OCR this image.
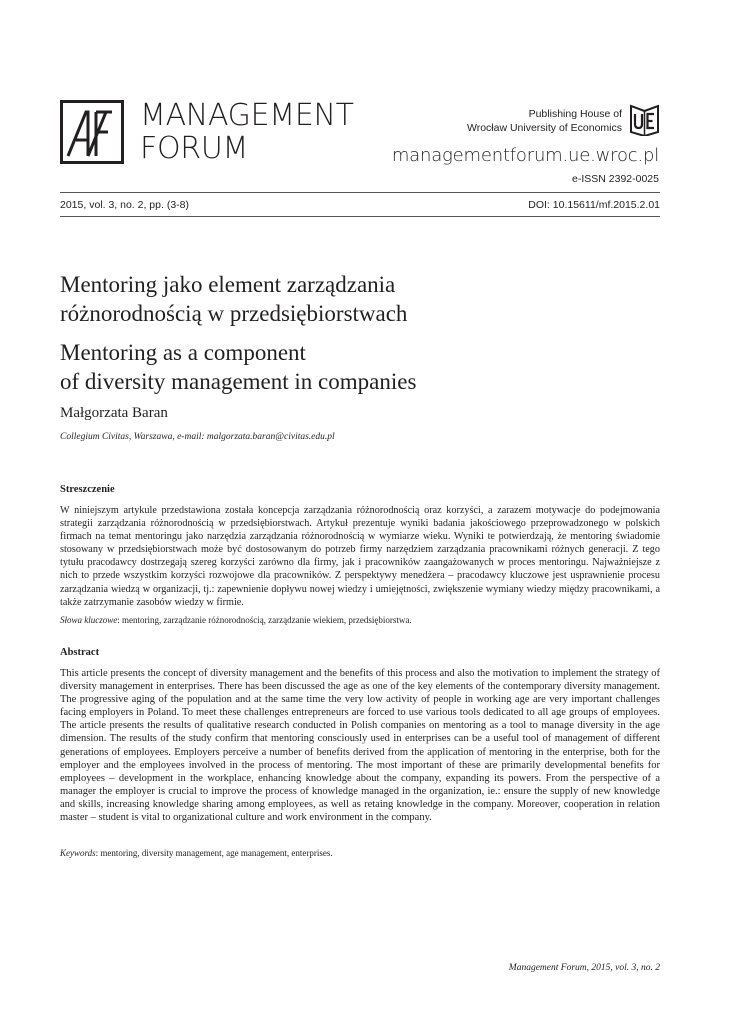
MANAGEMENT
FORUM
Publishing House of
Wrocław University of Economics
managementforum.ue.wroc.pl
e-ISSN 2392-0025
2015, vol. 3, no. 2, pp. (3-8)	DOI: 10.15611/mf.2015.2.01
Mentoring jako element zarządzania
różnorodnością w przedsiębiorstwach
Mentoring as a component
of diversity management in companies
Małgorzata Baran
Collegium Civitas, Warszawa, e-mail: malgorzata.baran@civitas.edu.pl
Streszczenie

W niniejszym artykule przedstawiona została koncepcja zarządzania różnorodnością oraz korzyści, a zarazem motywacje do podejmowania strategii zarządzania różnorodnością w przedsiębiorstwach. Artykuł prezentuje wyniki badania jakościowego przeprowadzonego w polskich firmach na temat mentoringu jako narzędzia zarządzania różnorodnością w wymiarze wieku. Wyniki te potwierdzają, że mentoring świadomie stosowany w przedsiębiorstwach może być dostosowanym do potrzeb firmy narzędziem zarządzania pracownikami różnych generacji. Z tego tytułu pracodawcy dostrzegają szereg korzyści zarówno dla firmy, jak i pracowników zaangażowanych w proces mentoringu. Najważniejsze z nich to przede wszystkim korzyści rozwojowe dla pracowników. Z perspektywy menedżera – pracodawcy kluczowe jest usprawnienie procesu zarządzania wiedzą w organizacji, tj.: zapewnienie dopływu nowej wiedzy i umiejętności, zwiększenie wymiany wiedzy między pracownikami, a także zatrzymanie zasobów wiedzy w firmie.

Słowa kluczowe: mentoring, zarządzanie różnorodnością, zarządzanie wiekiem, przedsiębiorstwa.
Abstract

This article presents the concept of diversity management and the benefits of this process and also the motivation to implement the strategy of diversity management in enterprises. There has been discussed the age as one of the key elements of the contemporary diversity management. The progressive aging of the population and at the same time the very low activity of people in working age are very important challenges facing employers in Poland. To meet these challenges entrepreneurs are forced to use various tools dedicated to all age groups of employees. The article presents the results of qualitative research conducted in Polish companies on mentoring as a tool to manage diversity in the age dimension. The results of the study confirm that mentoring consciously used in enterprises can be a useful tool of management of different generations of employees. Employers perceive a number of benefits derived from the application of mentoring in the enterprise, both for the employer and the employees involved in the process of mentoring. The most important of these are primarily developmental benefits for employees – development in the workplace, enhancing knowledge about the company, expanding its powers. From the perspective of a manager the employer is crucial to improve the process of knowledge managed in the organization, ie.: ensure the supply of new knowledge and skills, increasing knowledge sharing among employees, as well as retaing knowledge in the company. Moreover, cooperation in relation master – student is vital to organizational culture and work environment in the company.

Keywords: mentoring, diversity management, age management, enterprises.
Management Forum, 2015, vol. 3, no. 2
